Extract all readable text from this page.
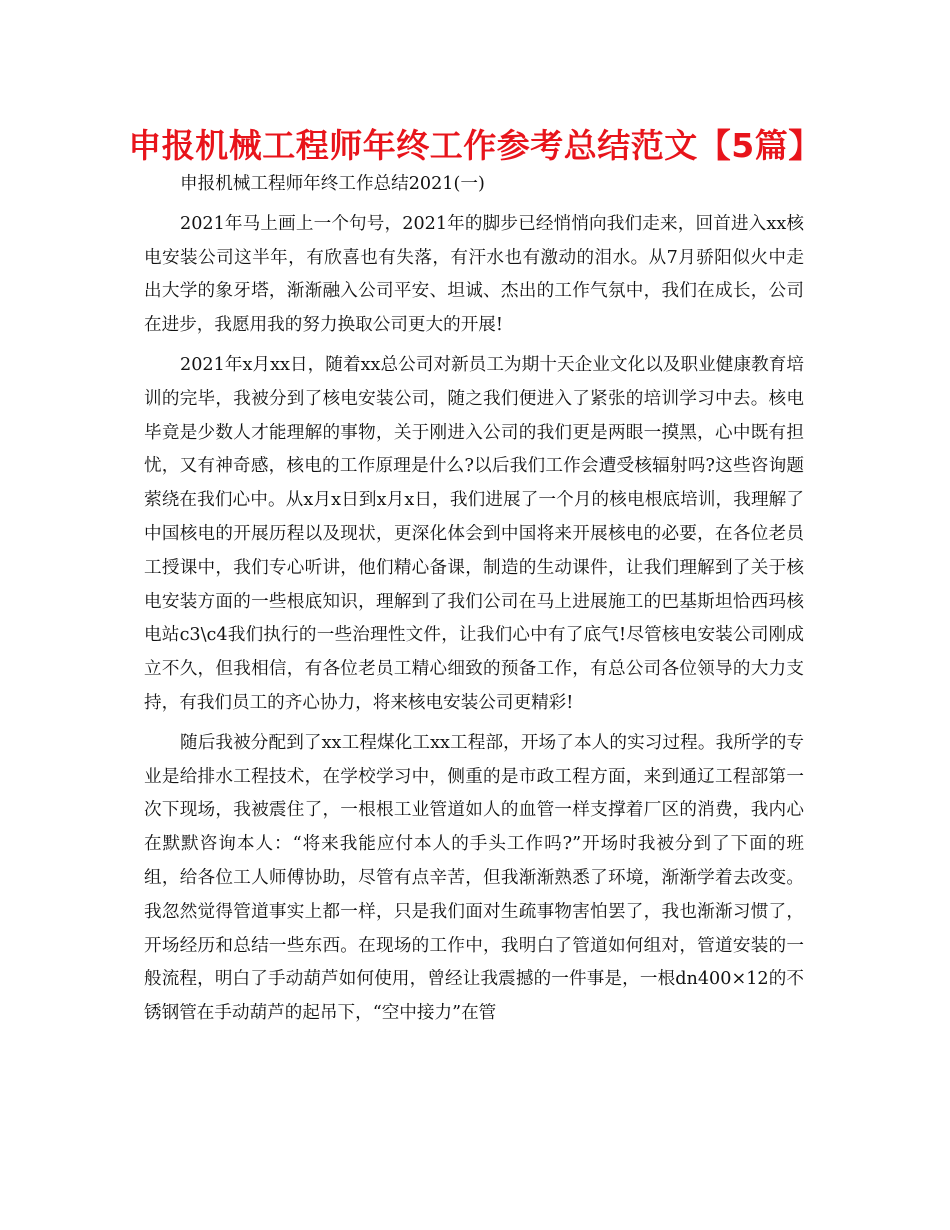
申报机械工程师年终工作参考总结范文【5篇】

申报机械工程师年终工作总结2021(一)

2021年马上画上一个句号，2021年的脚步已经悄悄向我们走来，回首进入xx核电安装公司这半年，有欣喜也有失落，有汗水也有激动的泪水。从7月骄阳似火中走出大学的象牙塔，渐渐融入公司平安、坦诚、杰出的工作气氛中，我们在成长，公司在进步，我愿用我的努力换取公司更大的开展!

2021年x月xx日，随着xx总公司对新员工为期十天企业文化以及职业健康教育培训的完毕，我被分到了核电安装公司，随之我们便进入了紧张的培训学习中去。核电毕竟是少数人才能理解的事物，关于刚进入公司的我们更是两眼一摸黑，心中既有担忧，又有神奇感，核电的工作原理是什么?以后我们工作会遭受核辐射吗?这些咨询题萦绕在我们心中。从x月x日到x月x日，我们进展了一个月的核电根底培训，我理解了中国核电的开展历程以及现状，更深化体会到中国将来开展核电的必要，在各位老员工授课中，我们专心听讲，他们精心备课，制造的生动课件，让我们理解到了关于核电安装方面的一些根底知识，理解到了我们公司在马上进展施工的巴基斯坦恰西玛核电站c3\c4我们执行的一些治理性文件，让我们心中有了底气!尽管核电安装公司刚成立不久，但我相信，有各位老员工精心细致的预备工作，有总公司各位领导的大力支持，有我们员工的齐心协力，将来核电安装公司更精彩!

随后我被分配到了xx工程煤化工xx工程部，开场了本人的实习过程。我所学的专业是给排水工程技术，在学校学习中，侧重的是市政工程方面，来到通辽工程部第一次下现场，我被震住了，一根根工业管道如人的血管一样支撑着厂区的消费，我内心在默默咨询本人：“将来我能应付本人的手头工作吗?”开场时我被分到了下面的班组，给各位工人师傅协助，尽管有点辛苦，但我渐渐熟悉了环境，渐渐学着去改变。我忽然觉得管道事实上都一样，只是我们面对生疏事物害怕罢了，我也渐渐习惯了，开场经历和总结一些东西。在现场的工作中，我明白了管道如何组对，管道安装的一般流程，明白了手动葫芦如何使用，曾经让我震撼的一件事是，一根dn400×12的不锈钢管在手动葫芦的起吊下，“空中接力”在管
